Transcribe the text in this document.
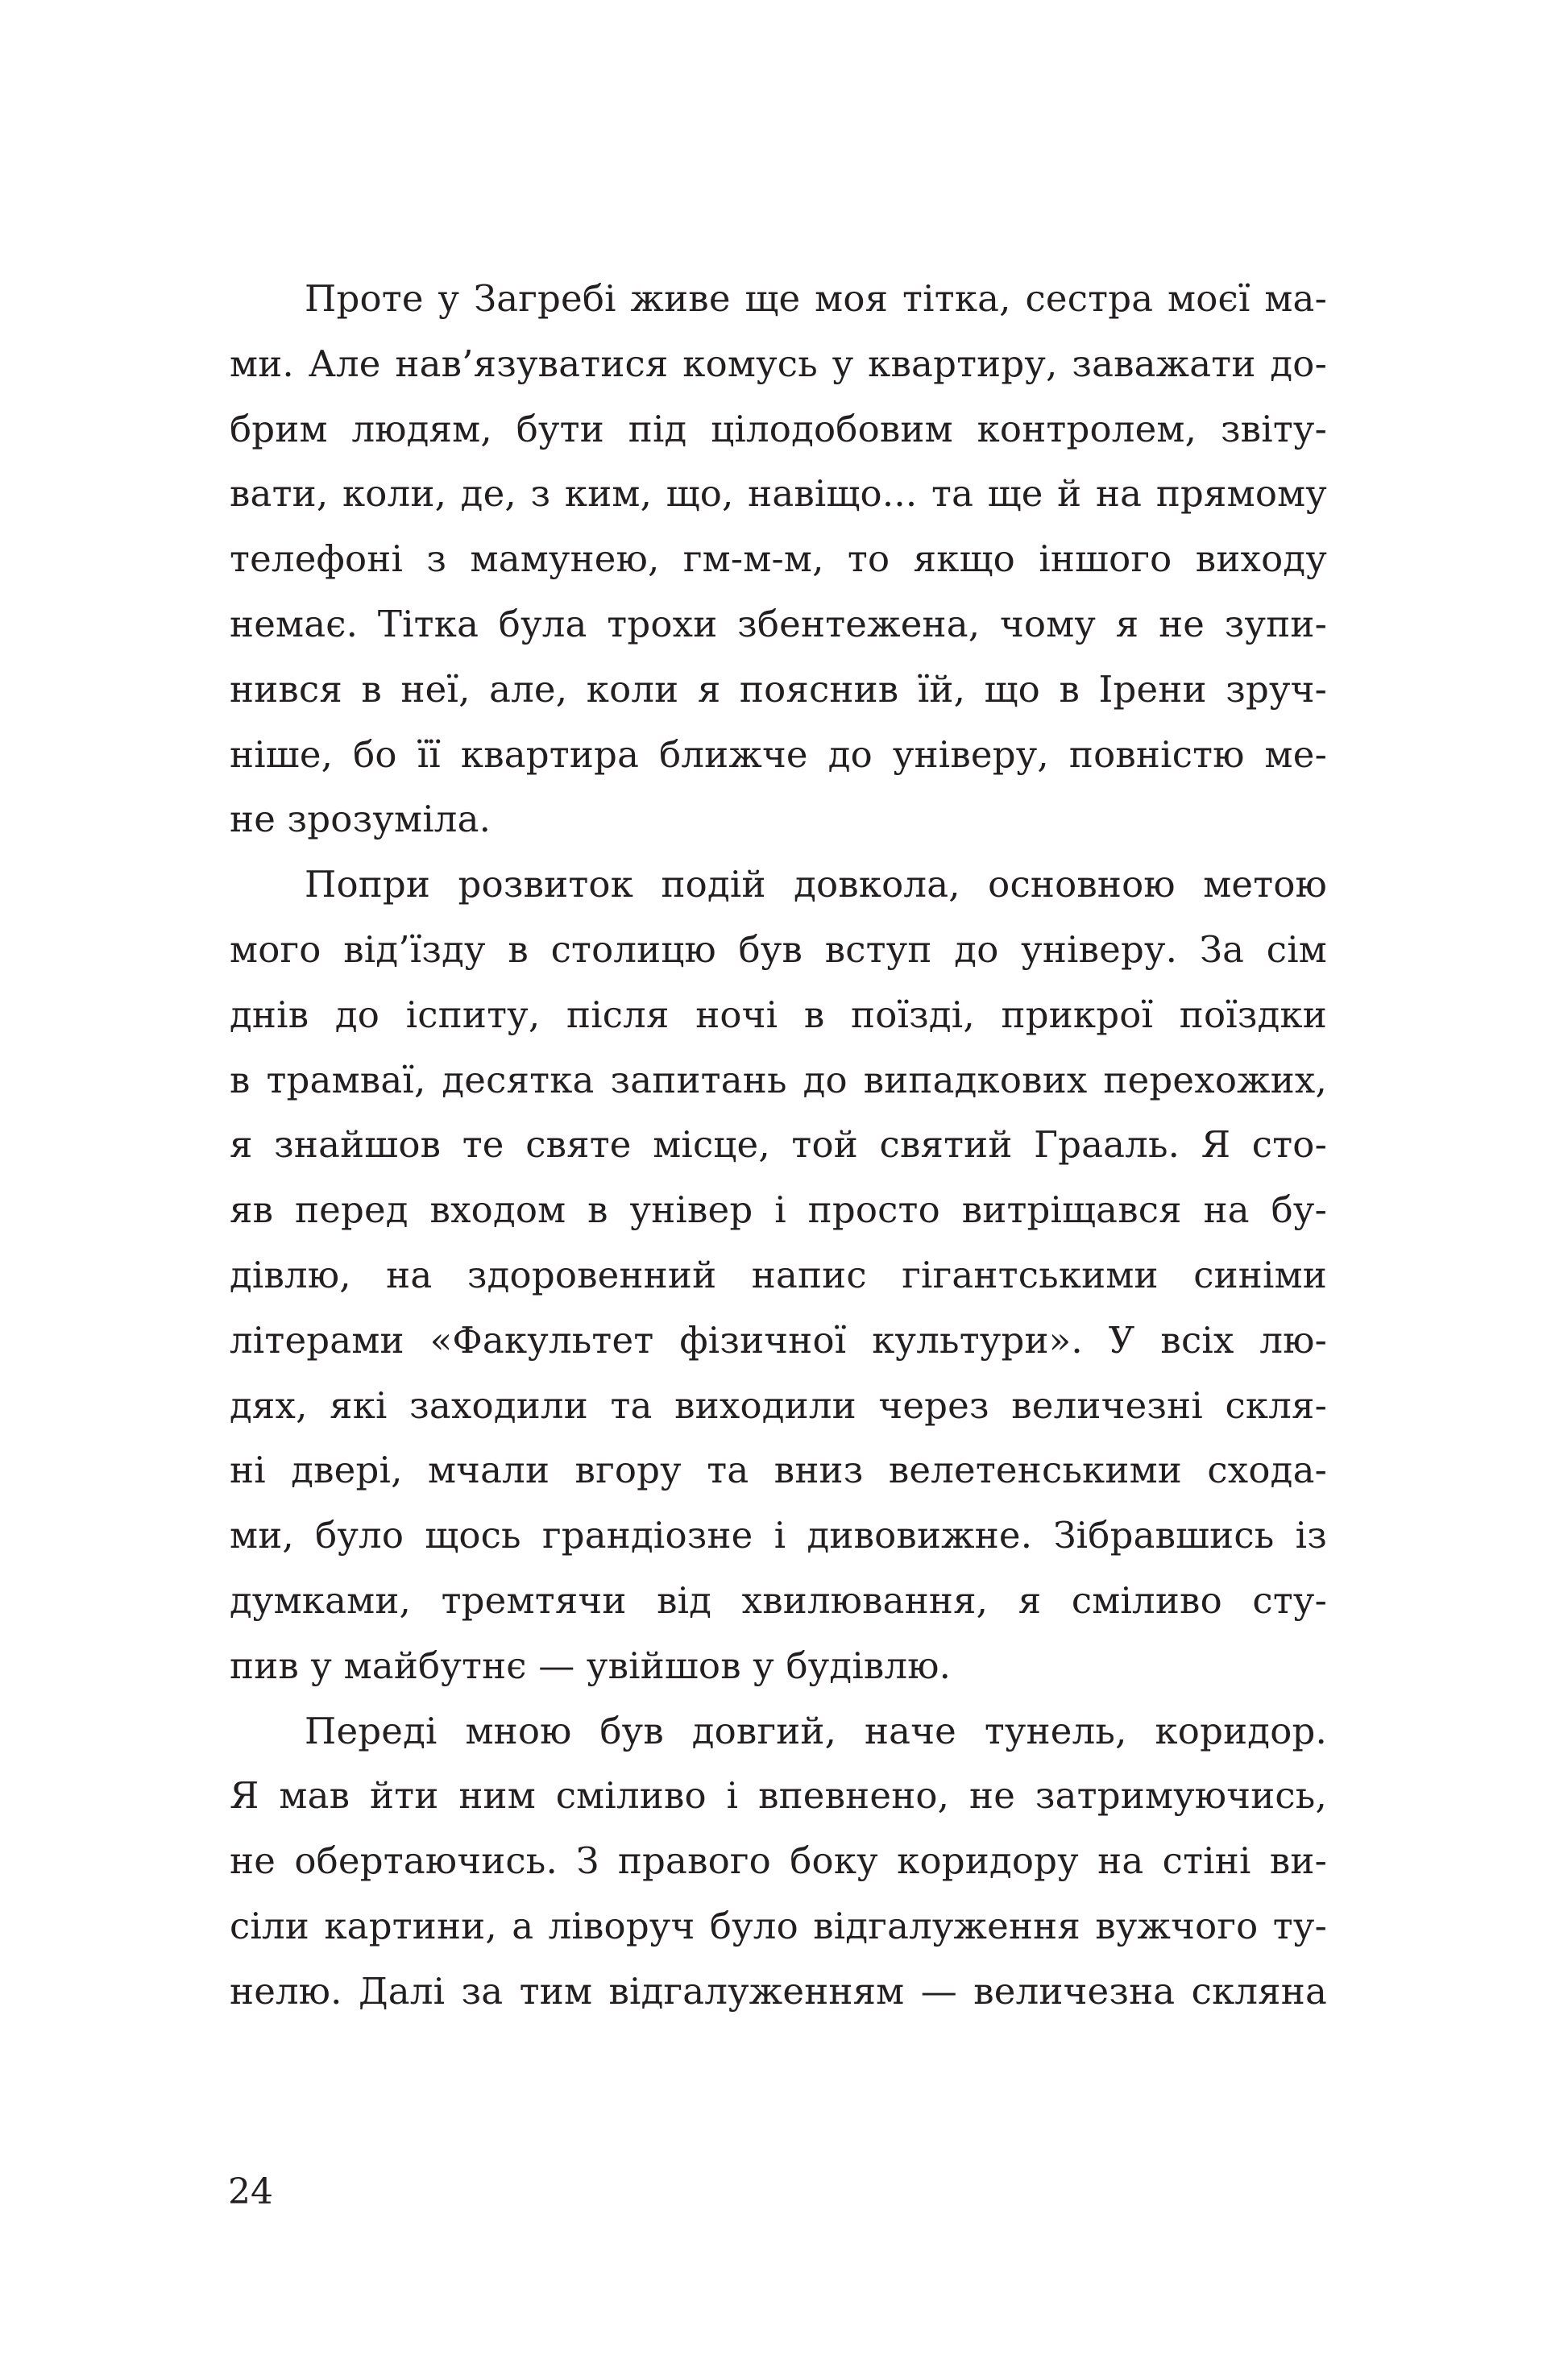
Проте у Загребі живе ще моя тітка, сестра моєї ма-
ми. Але нав’язуватися комусь у квартиру, заважати до-
брим людям, бути під цілодобовим контролем, звіту-
вати, коли, де, з ким, що, навіщо... та ще й на прямому
телефоні з мамунею, гм-м-м, то якщо іншого виходу
немає. Тітка була трохи збентежена, чому я не зупи-
нився в неї, але, коли я пояснив їй, що в Ірени зруч-
ніше, бо її квартира ближче до універу, повністю ме-
не зрозуміла.
Попри розвиток подій довкола, основною метою
мого від’їзду в столицю був вступ до універу. За сім
днів до іспиту, після ночі в поїзді, прикрої поїздки
в трамваї, десятка запитань до випадкових перехожих,
я знайшов те святе місце, той святий Грааль. Я сто-
яв перед входом в універ і просто витріщався на бу-
дівлю, на здоровенний напис гігантськими синіми
літерами «Факультет фізичної культури». У всіх лю-
дях, які заходили та виходили через величезні скля-
ні двері, мчали вгору та вниз велетенськими сходa-
ми, було щось грандіозне і дивовижне. Зібравшись із
думками, тремтячи від хвилювання, я сміливо сту-
пив у майбутнє — увійшов у будівлю.
Переді мною був довгий, наче тунель, коридор.
Я мав йти ним сміливо і впевнено, не затримуючись,
не обертаючись. З правого боку коридору на стіні ви-
сіли картини, а ліворуч було відгалуження вужчого ту-
нелю. Далі за тим відгалуженням — величезна скляна
24
